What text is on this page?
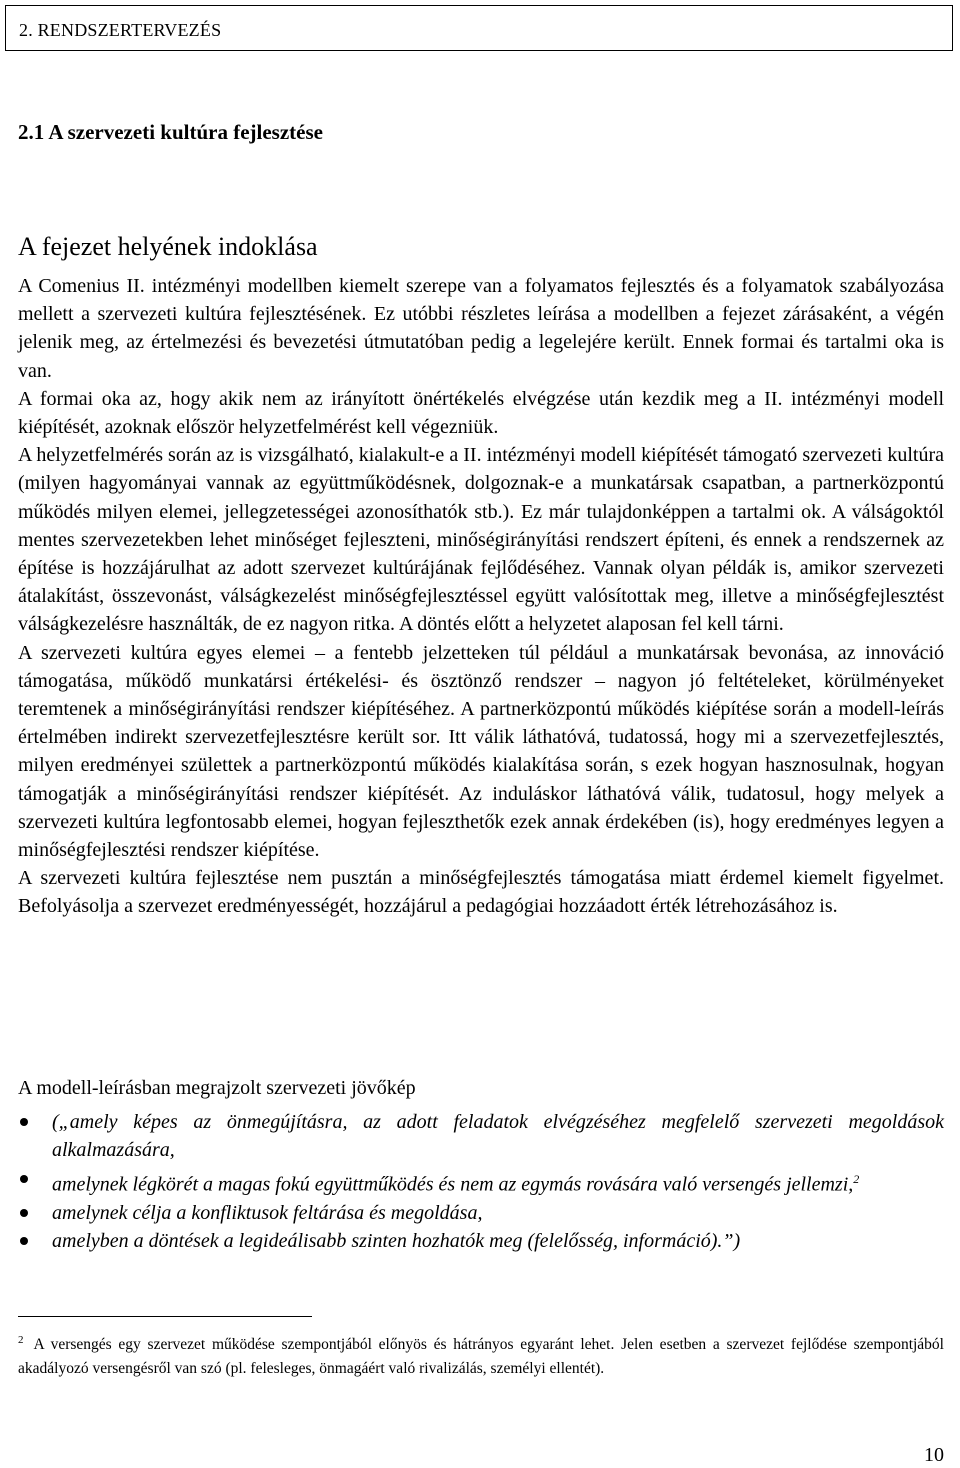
2. RENDSZERTERVEZÉS
2.1 A szervezeti kultúra fejlesztése
A fejezet helyének indoklása

A Comenius II. intézményi modellben kiemelt szerepe van a folyamatos fejlesztés és a folyamatok szabályozása mellett a szervezeti kultúra fejlesztésének. Ez utóbbi részletes leírása a modellben a fejezet zárásaként, a végén jelenik meg, az értelmezési és bevezetési útmutatóban pedig a legelejére került. Ennek formai és tartalmi oka is van.

A formai oka az, hogy akik nem az irányított önértékelés elvégzése után kezdik meg a II. intézményi modell kiépítését, azoknak először helyzetfelmérést kell végezniük.

A helyzetfelmérés során az is vizsgálható, kialakult-e a II. intézményi modell kiépítését támogató szervezeti kultúra (milyen hagyományai vannak az együttműködésnek, dolgoznak-e a munkatársak csapatban, a partnerközpontú működés milyen elemei, jellegzetességei azonosíthatók stb.). Ez már tulajdonképpen a tartalmi ok. A válságoktól mentes szervezetekben lehet minőséget fejleszteni, minőségirányítási rendszert építeni, és ennek a rendszernek az építése is hozzájárulhat az adott szervezet kultúrájának fejlődéséhez. Vannak olyan példák is, amikor szervezeti átalakítást, összevonást, válságkezelést minőségfejlesztéssel együtt valósítottak meg, illetve a minőségfejlesztést válságkezelésre használták, de ez nagyon ritka. A döntés előtt a helyzetet alaposan fel kell tárni.

A szervezeti kultúra egyes elemei – a fentebb jelzetteken túl például a munkatársak bevonása, az innováció támogatása, működő munkatársi értékelési- és ösztönző rendszer – nagyon jó feltételeket, körülményeket teremtenek a minőségirányítási rendszer kiépítéséhez. A partnerközpontú működés kiépítése során a modell-leírás értelmében indirekt szervezetfejlesztésre került sor. Itt válik láthatóvá, tudatossá, hogy mi a szervezetfejlesztés, milyen eredményei születtek a partnerközpontú működés kialakítása során, s ezek hogyan hasznosulnak, hogyan támogatják a minőségirányítási rendszer kiépítését. Az induláskor láthatóvá válik, tudatosul, hogy melyek a szervezeti kultúra legfontosabb elemei, hogyan fejleszthetők ezek annak érdekében (is), hogy eredményes legyen a minőségfejlesztési rendszer kiépítése.

A szervezeti kultúra fejlesztése nem pusztán a minőségfejlesztés támogatása miatt érdemel kiemelt figyelmet. Befolyásolja a szervezet eredményességét, hozzájárul a pedagógiai hozzáadott érték létrehozásához is.

A modell-leírásban megrajzolt szervezeti jövőkép
(„amely képes az önmegújításra, az adott feladatok elvégzéséhez megfelelő szervezeti megoldások alkalmazására,
amelynek légkörét a magas fokú együttműködés és nem az egymás rovására való versengés jellemzi,$^2$
amelynek célja a konfliktusok feltárása és megoldása,
amelyben a döntések a legideálisabb szinten hozhatók meg (felelősség, információ).”)
$^2$ A versengés egy szervezet működése szempontjából előnyös és hátrányos egyaránt lehet. Jelen esetben a szervezet fejlődése szempontjából akadályozó versengésről van szó (pl. felesleges, önmagáért való rivalizálás, személyi ellentét).
10
